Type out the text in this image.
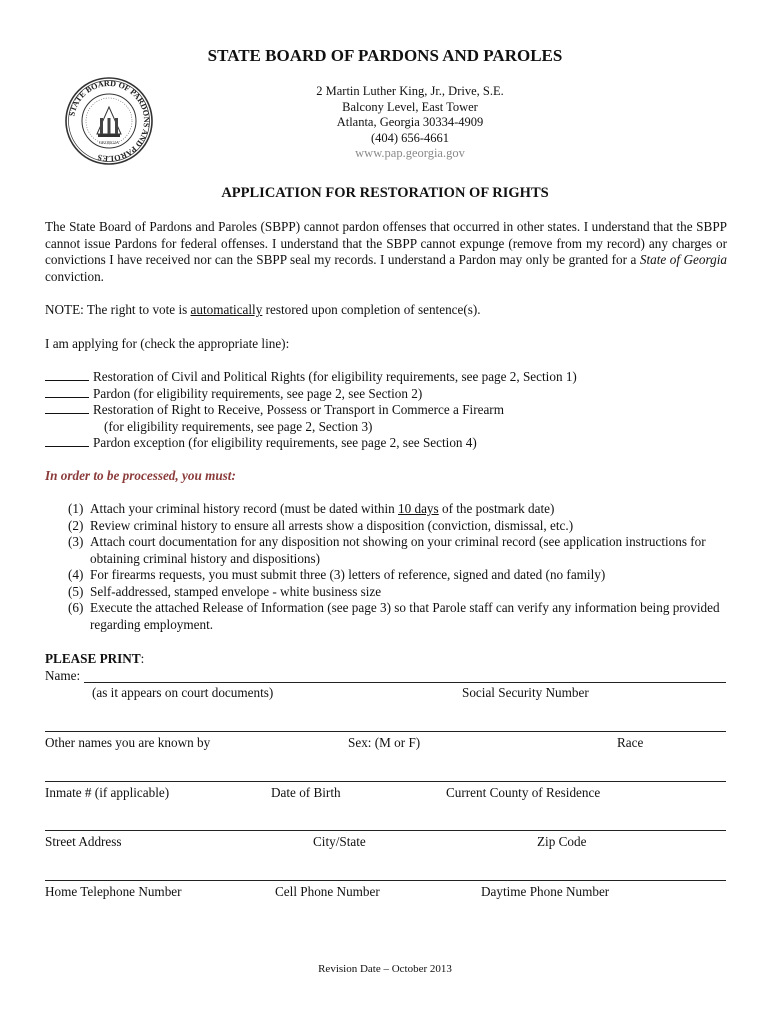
STATE BOARD OF PARDONS AND PAROLES
STATE BOARD OF PARDONS AND PAROLES
GEORGIA
2 Martin Luther King, Jr., Drive, S.E.
Balcony Level, East Tower
Atlanta, Georgia 30334-4909
(404) 656-4661
www.pap.georgia.gov
APPLICATION FOR RESTORATION OF RIGHTS
The State Board of Pardons and Paroles (SBPP) cannot pardon offenses that occurred in other states. I understand that the SBPP cannot issue Pardons for federal offenses. I understand that the SBPP cannot expunge (remove from my record) any charges or convictions I have received nor can the SBPP seal my records. I understand a Pardon may only be granted for a State of Georgia conviction.
NOTE: The right to vote is automatically restored upon completion of sentence(s).
I am applying for (check the appropriate line):
Restoration of Civil and Political Rights (for eligibility requirements, see page 2, Section 1)
Pardon (for eligibility requirements, see page 2, see Section 2)
Restoration of Right to Receive, Possess or Transport in Commerce a Firearm
(for eligibility requirements, see page 2, Section 3)
Pardon exception (for eligibility requirements, see page 2, see Section 4)
In order to be processed, you must:
(1) Attach your criminal history record (must be dated within 10 days of the postmark date)
(2) Review criminal history to ensure all arrests show a disposition (conviction, dismissal, etc.)
(3) Attach court documentation for any disposition not showing on your criminal record (see application instructions for obtaining criminal history and dispositions)
(4) For firearms requests, you must submit three (3) letters of reference, signed and dated (no family)
(5) Self-addressed, stamped envelope - white business size
(6) Execute the attached Release of Information (see page 3) so that Parole staff can verify any information being provided regarding employment.
PLEASE PRINT:
Name:
(as it appears on court documents)	Social Security Number
Other names you are known by	Sex: (M or F)	Race
Inmate # (if applicable)	Date of Birth	Current County of Residence
Street Address	City/State	Zip Code
Home Telephone Number	Cell Phone Number	Daytime Phone Number
Revision Date – October 2013
